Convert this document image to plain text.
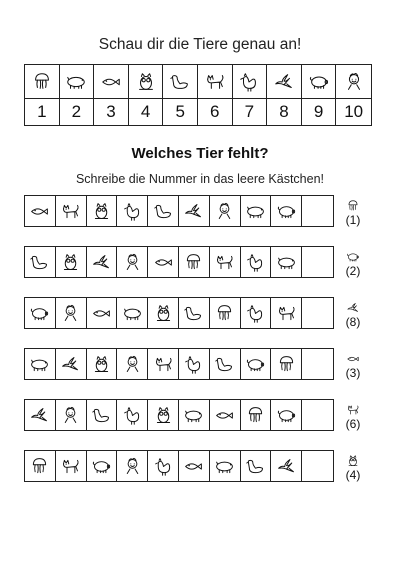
Schau dir die Tiere genau an!
1	2	3	4	5	6	7	8	9	10
Welches Tier fehlt?
Schreibe die Nummer in das leere Kästchen!
(1)
(2)
(8)
(3)
(6)
(4)
